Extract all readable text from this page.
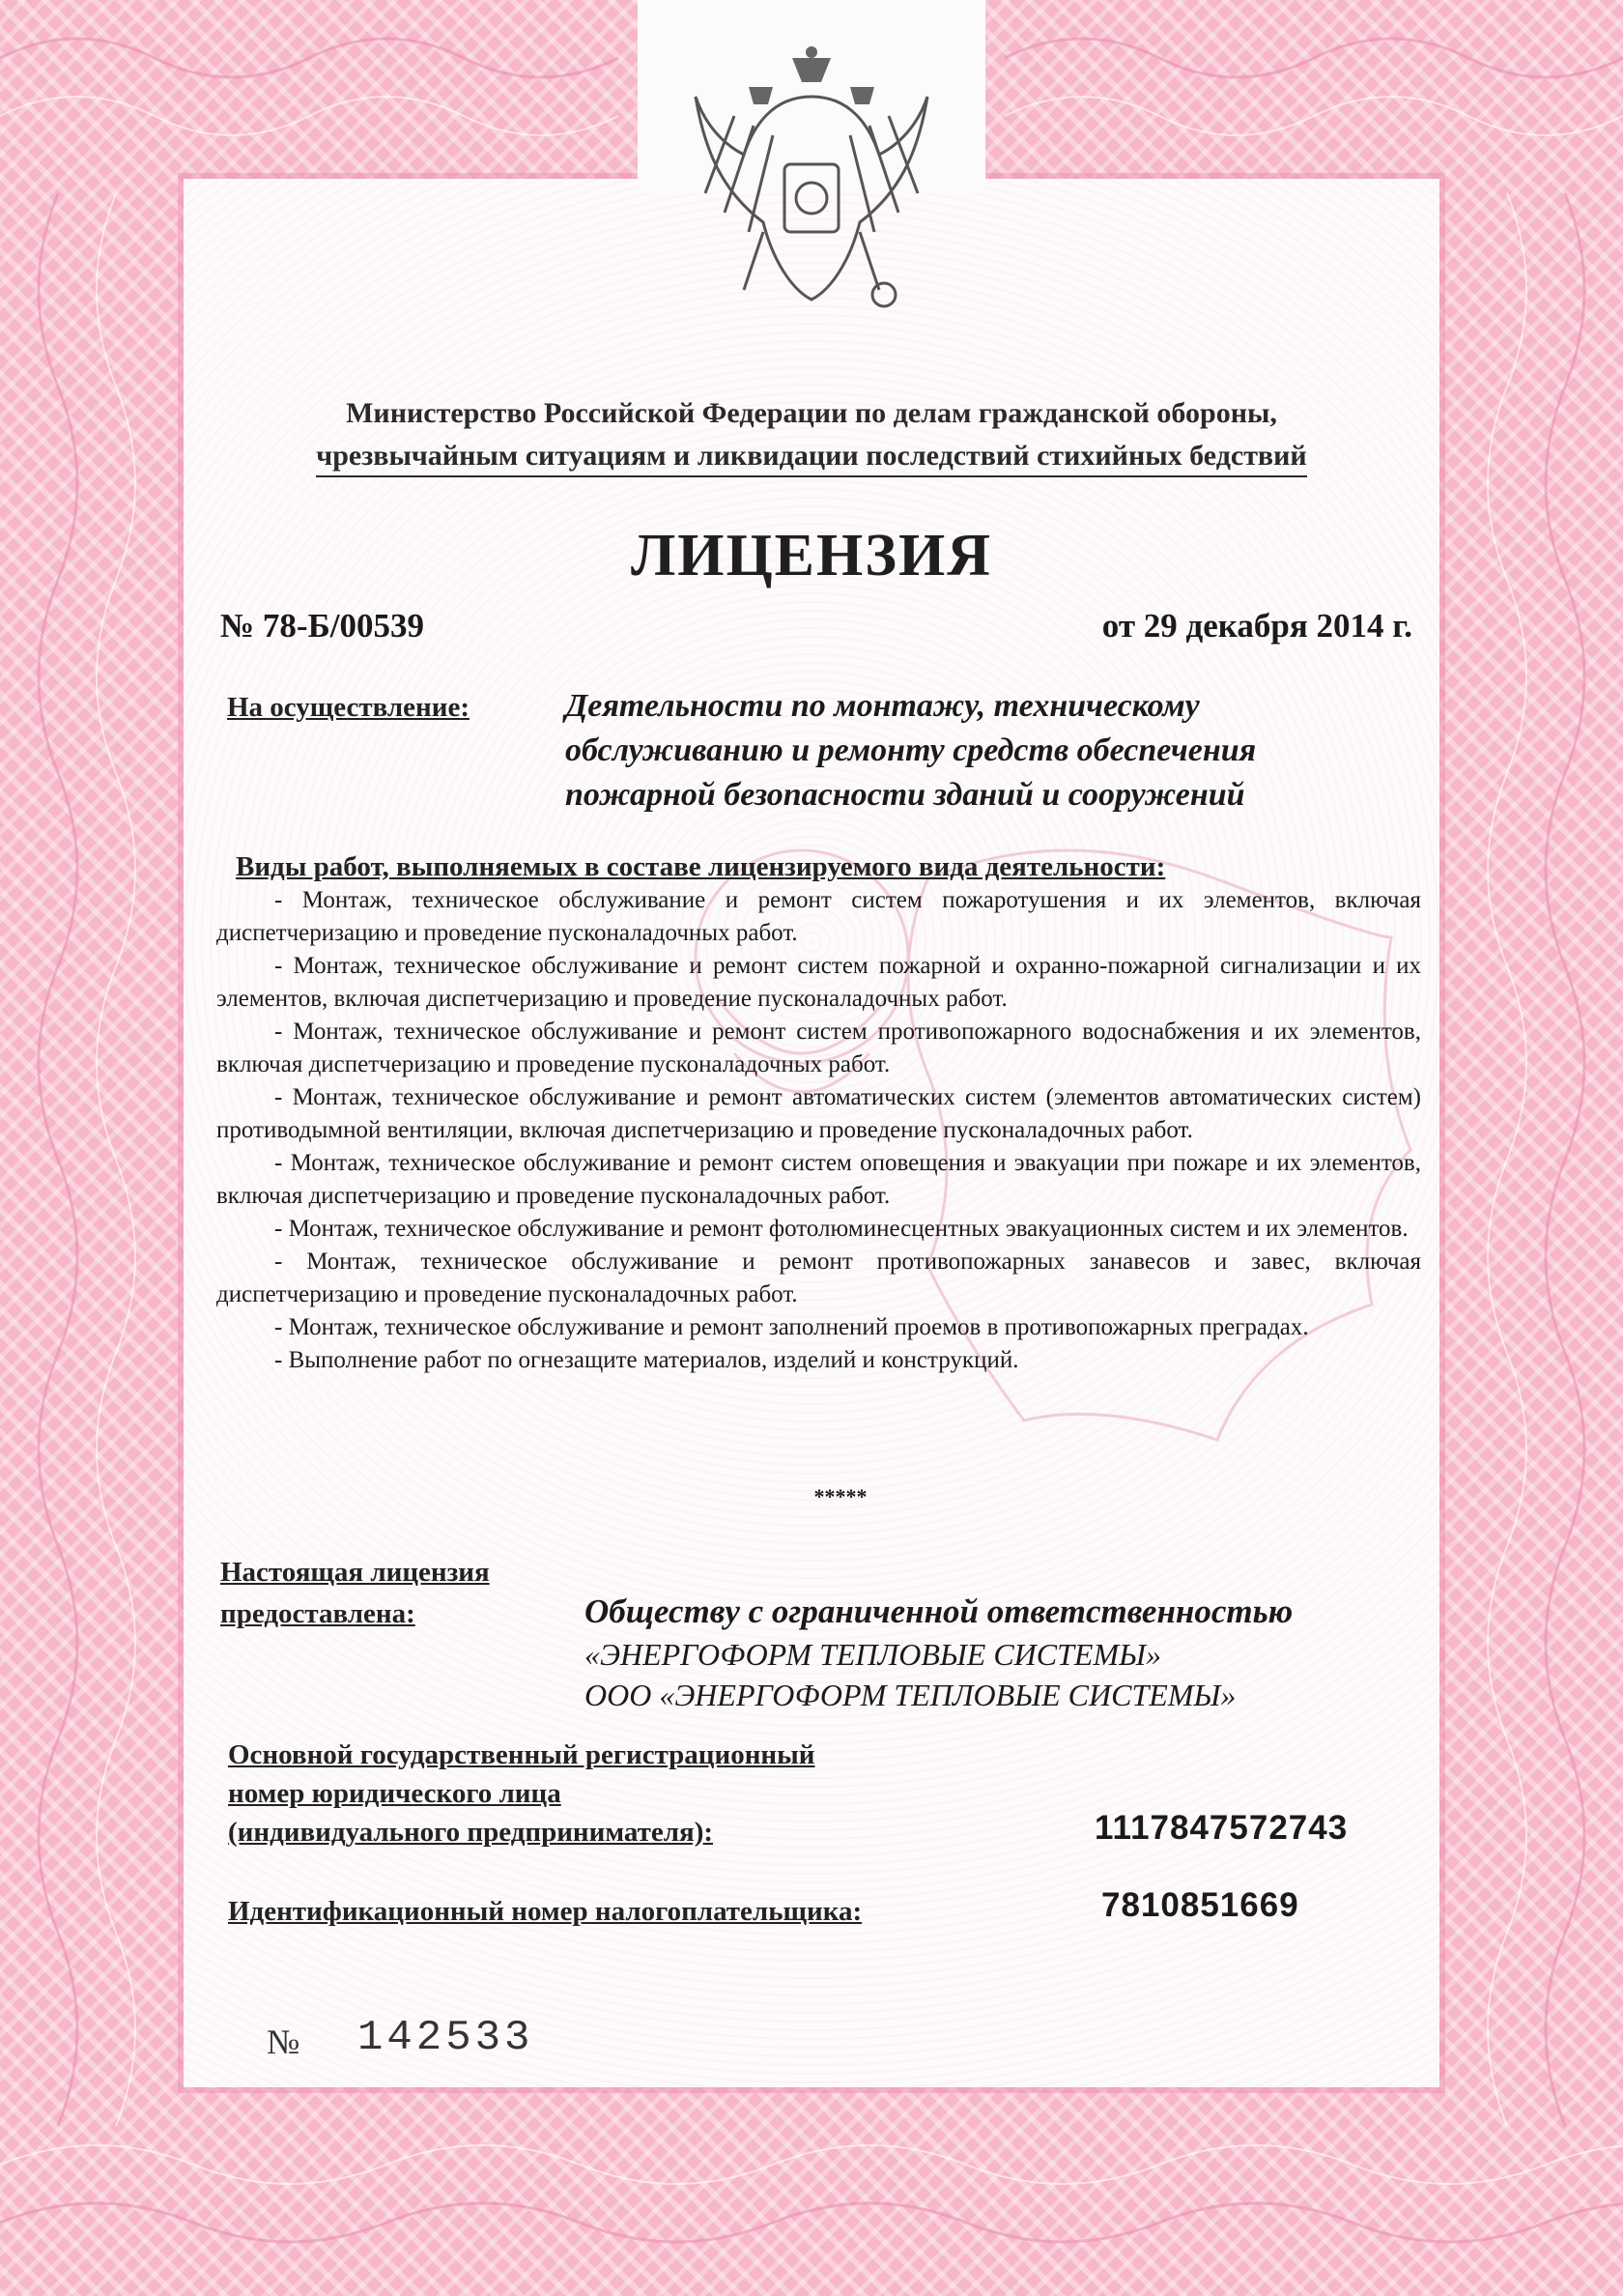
Министерство Российской Федерации по делам гражданской обороны,
чрезвычайным ситуациям и ликвидации последствий стихийных бедствий
ЛИЦЕНЗИЯ
№ 78-Б/00539	от 29 декабря 2014 г.
На осуществление:	Деятельности по монтажу, техническому обслуживанию и ремонту средств обеспечения пожарной безопасности зданий и сооружений
Виды работ, выполняемых в составе лицензируемого вида деятельности:
- Монтаж, техническое обслуживание и ремонт систем пожаротушения и их элементов, включая диспетчеризацию и проведение пусконаладочных работ.
- Монтаж, техническое обслуживание и ремонт систем пожарной и охранно-пожарной сигнализации и их элементов, включая диспетчеризацию и проведение пусконаладочных работ.
- Монтаж, техническое обслуживание и ремонт систем противопожарного водоснабжения и их элементов, включая диспетчеризацию и проведение пусконаладочных работ.
- Монтаж, техническое обслуживание и ремонт автоматических систем (элементов автоматических систем) противодымной вентиляции, включая диспетчеризацию и проведение пусконаладочных работ.
- Монтаж, техническое обслуживание и ремонт систем оповещения и эвакуации при пожаре и их элементов, включая диспетчеризацию и проведение пусконаладочных работ.
- Монтаж, техническое обслуживание и ремонт фотолюминесцентных эвакуационных систем и их элементов.
- Монтаж, техническое обслуживание и ремонт противопожарных занавесов и завес, включая диспетчеризацию и проведение пусконаладочных работ.
- Монтаж, техническое обслуживание и ремонт заполнений проемов в противопожарных преградах.
- Выполнение работ по огнезащите материалов, изделий и конструкций.
*****
Настоящая лицензия
предоставлена:	Обществу с ограниченной ответственностью
«ЭНЕРГОФОРМ ТЕПЛОВЫЕ СИСТЕМЫ»
ООО «ЭНЕРГОФОРМ ТЕПЛОВЫЕ СИСТЕМЫ»
Основной государственный регистрационный
номер юридического лица
(индивидуального предпринимателя):	1117847572743
Идентификационный номер налогоплательщика:	7810851669
№ 142533
